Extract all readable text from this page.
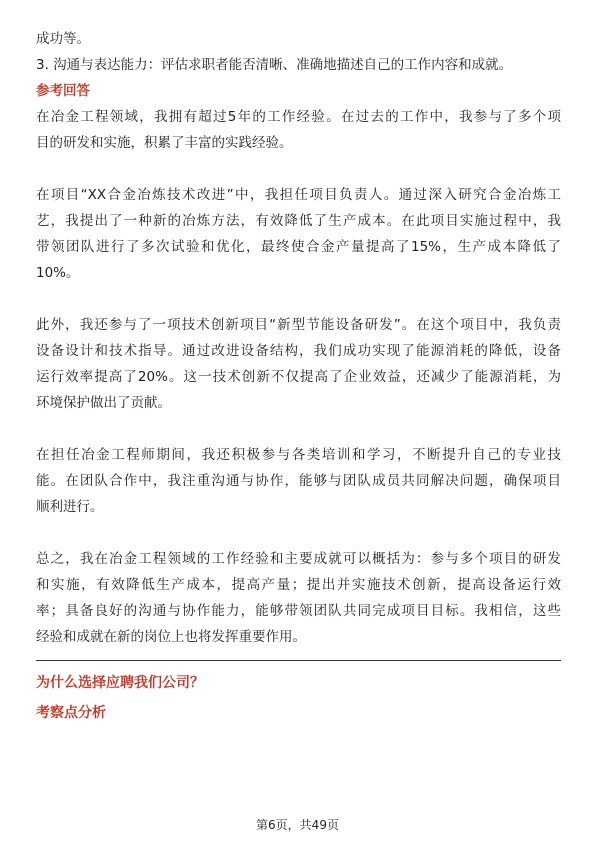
成功等。
3. 沟通与表达能力：评估求职者能否清晰、准确地描述自己的工作内容和成就。
参考回答
在冶金工程领域，我拥有超过5年的工作经验。在过去的工作中，我参与了多个项
目的研发和实施，积累了丰富的实践经验。
在项目“XX合金冶炼技术改进”中，我担任项目负责人。通过深入研究合金冶炼工
艺，我提出了一种新的冶炼方法，有效降低了生产成本。在此项目实施过程中，我
带领团队进行了多次试验和优化，最终使合金产量提高了15%，生产成本降低了
10%。
此外，我还参与了一项技术创新项目“新型节能设备研发”。在这个项目中，我负责
设备设计和技术指导。通过改进设备结构，我们成功实现了能源消耗的降低，设备
运行效率提高了20%。这一技术创新不仅提高了企业效益，还减少了能源消耗，为
环境保护做出了贡献。
在担任冶金工程师期间，我还积极参与各类培训和学习，不断提升自己的专业技
能。在团队合作中，我注重沟通与协作，能够与团队成员共同解决问题，确保项目
顺利进行。
总之，我在冶金工程领域的工作经验和主要成就可以概括为：参与多个项目的研发
和实施，有效降低生产成本，提高产量；提出并实施技术创新，提高设备运行效
率；具备良好的沟通与协作能力，能够带领团队共同完成项目目标。我相信，这些
经验和成就在新的岗位上也将发挥重要作用。
为什么选择应聘我们公司？
考察点分析
第6页，共49页
